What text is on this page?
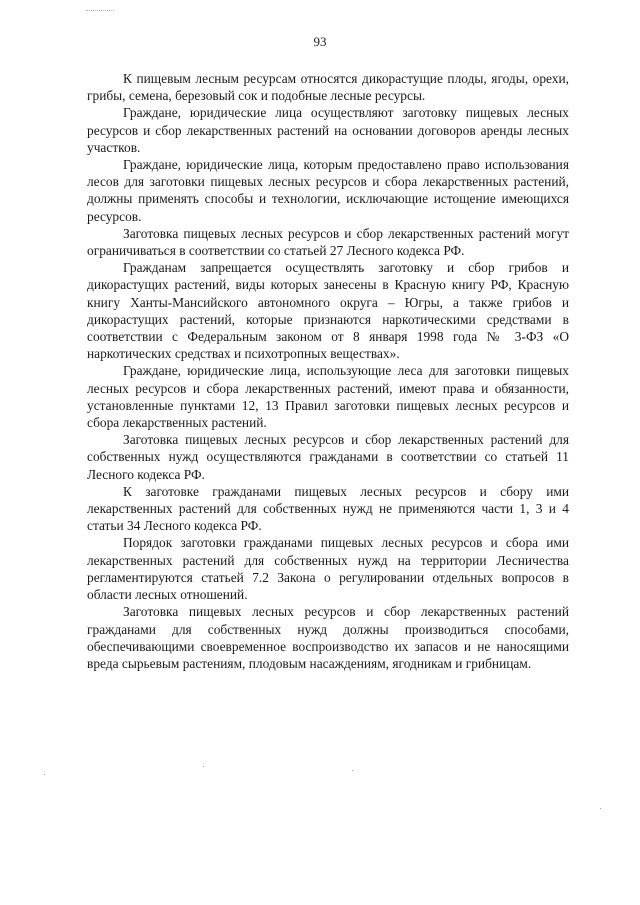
93

К пищевым лесным ресурсам относятся дикорастущие плоды, ягоды, орехи, грибы, семена, березовый сок и подобные лесные ресурсы.

Граждане, юридические лица осуществляют заготовку пищевых лесных ресурсов и сбор лекарственных растений на основании договоров аренды лесных участков.

Граждане, юридические лица, которым предоставлено право использования лесов для заготовки пищевых лесных ресурсов и сбора лекарственных растений, должны применять способы и технологии, исключающие истощение имеющихся ресурсов.

Заготовка пищевых лесных ресурсов и сбор лекарственных растений могут ограничиваться в соответствии со статьей 27 Лесного кодекса РФ.

Гражданам запрещается осуществлять заготовку и сбор грибов и дикорастущих растений, виды которых занесены в Красную книгу РФ, Красную книгу Ханты-Мансийского автономного округа – Югры, а также грибов и дикорастущих растений, которые признаются наркотическими средствами в соответствии с Федеральным законом от 8 января 1998 года № 3-ФЗ «О наркотических средствах и психотропных веществах».

Граждане, юридические лица, использующие леса для заготовки пищевых лесных ресурсов и сбора лекарственных растений, имеют права и обязанности, установленные пунктами 12, 13 Правил заготовки пищевых лесных ресурсов и сбора лекарственных растений.

Заготовка пищевых лесных ресурсов и сбор лекарственных растений для собственных нужд осуществляются гражданами в соответствии со статьей 11 Лесного кодекса РФ.

К заготовке гражданами пищевых лесных ресурсов и сбору ими лекарственных растений для собственных нужд не применяются части 1, 3 и 4 статьи 34 Лесного кодекса РФ.

Порядок заготовки гражданами пищевых лесных ресурсов и сбора ими лекарственных растений для собственных нужд на территории Лесничества регламентируются статьей 7.2 Закона о регулировании отдельных вопросов в области лесных отношений.

Заготовка пищевых лесных ресурсов и сбор лекарственных растений гражданами для собственных нужд должны производиться способами, обеспечивающими своевременное воспроизводство их запасов и не наносящими вреда сырьевым растениям, плодовым насаждениям, ягодникам и грибницам.
